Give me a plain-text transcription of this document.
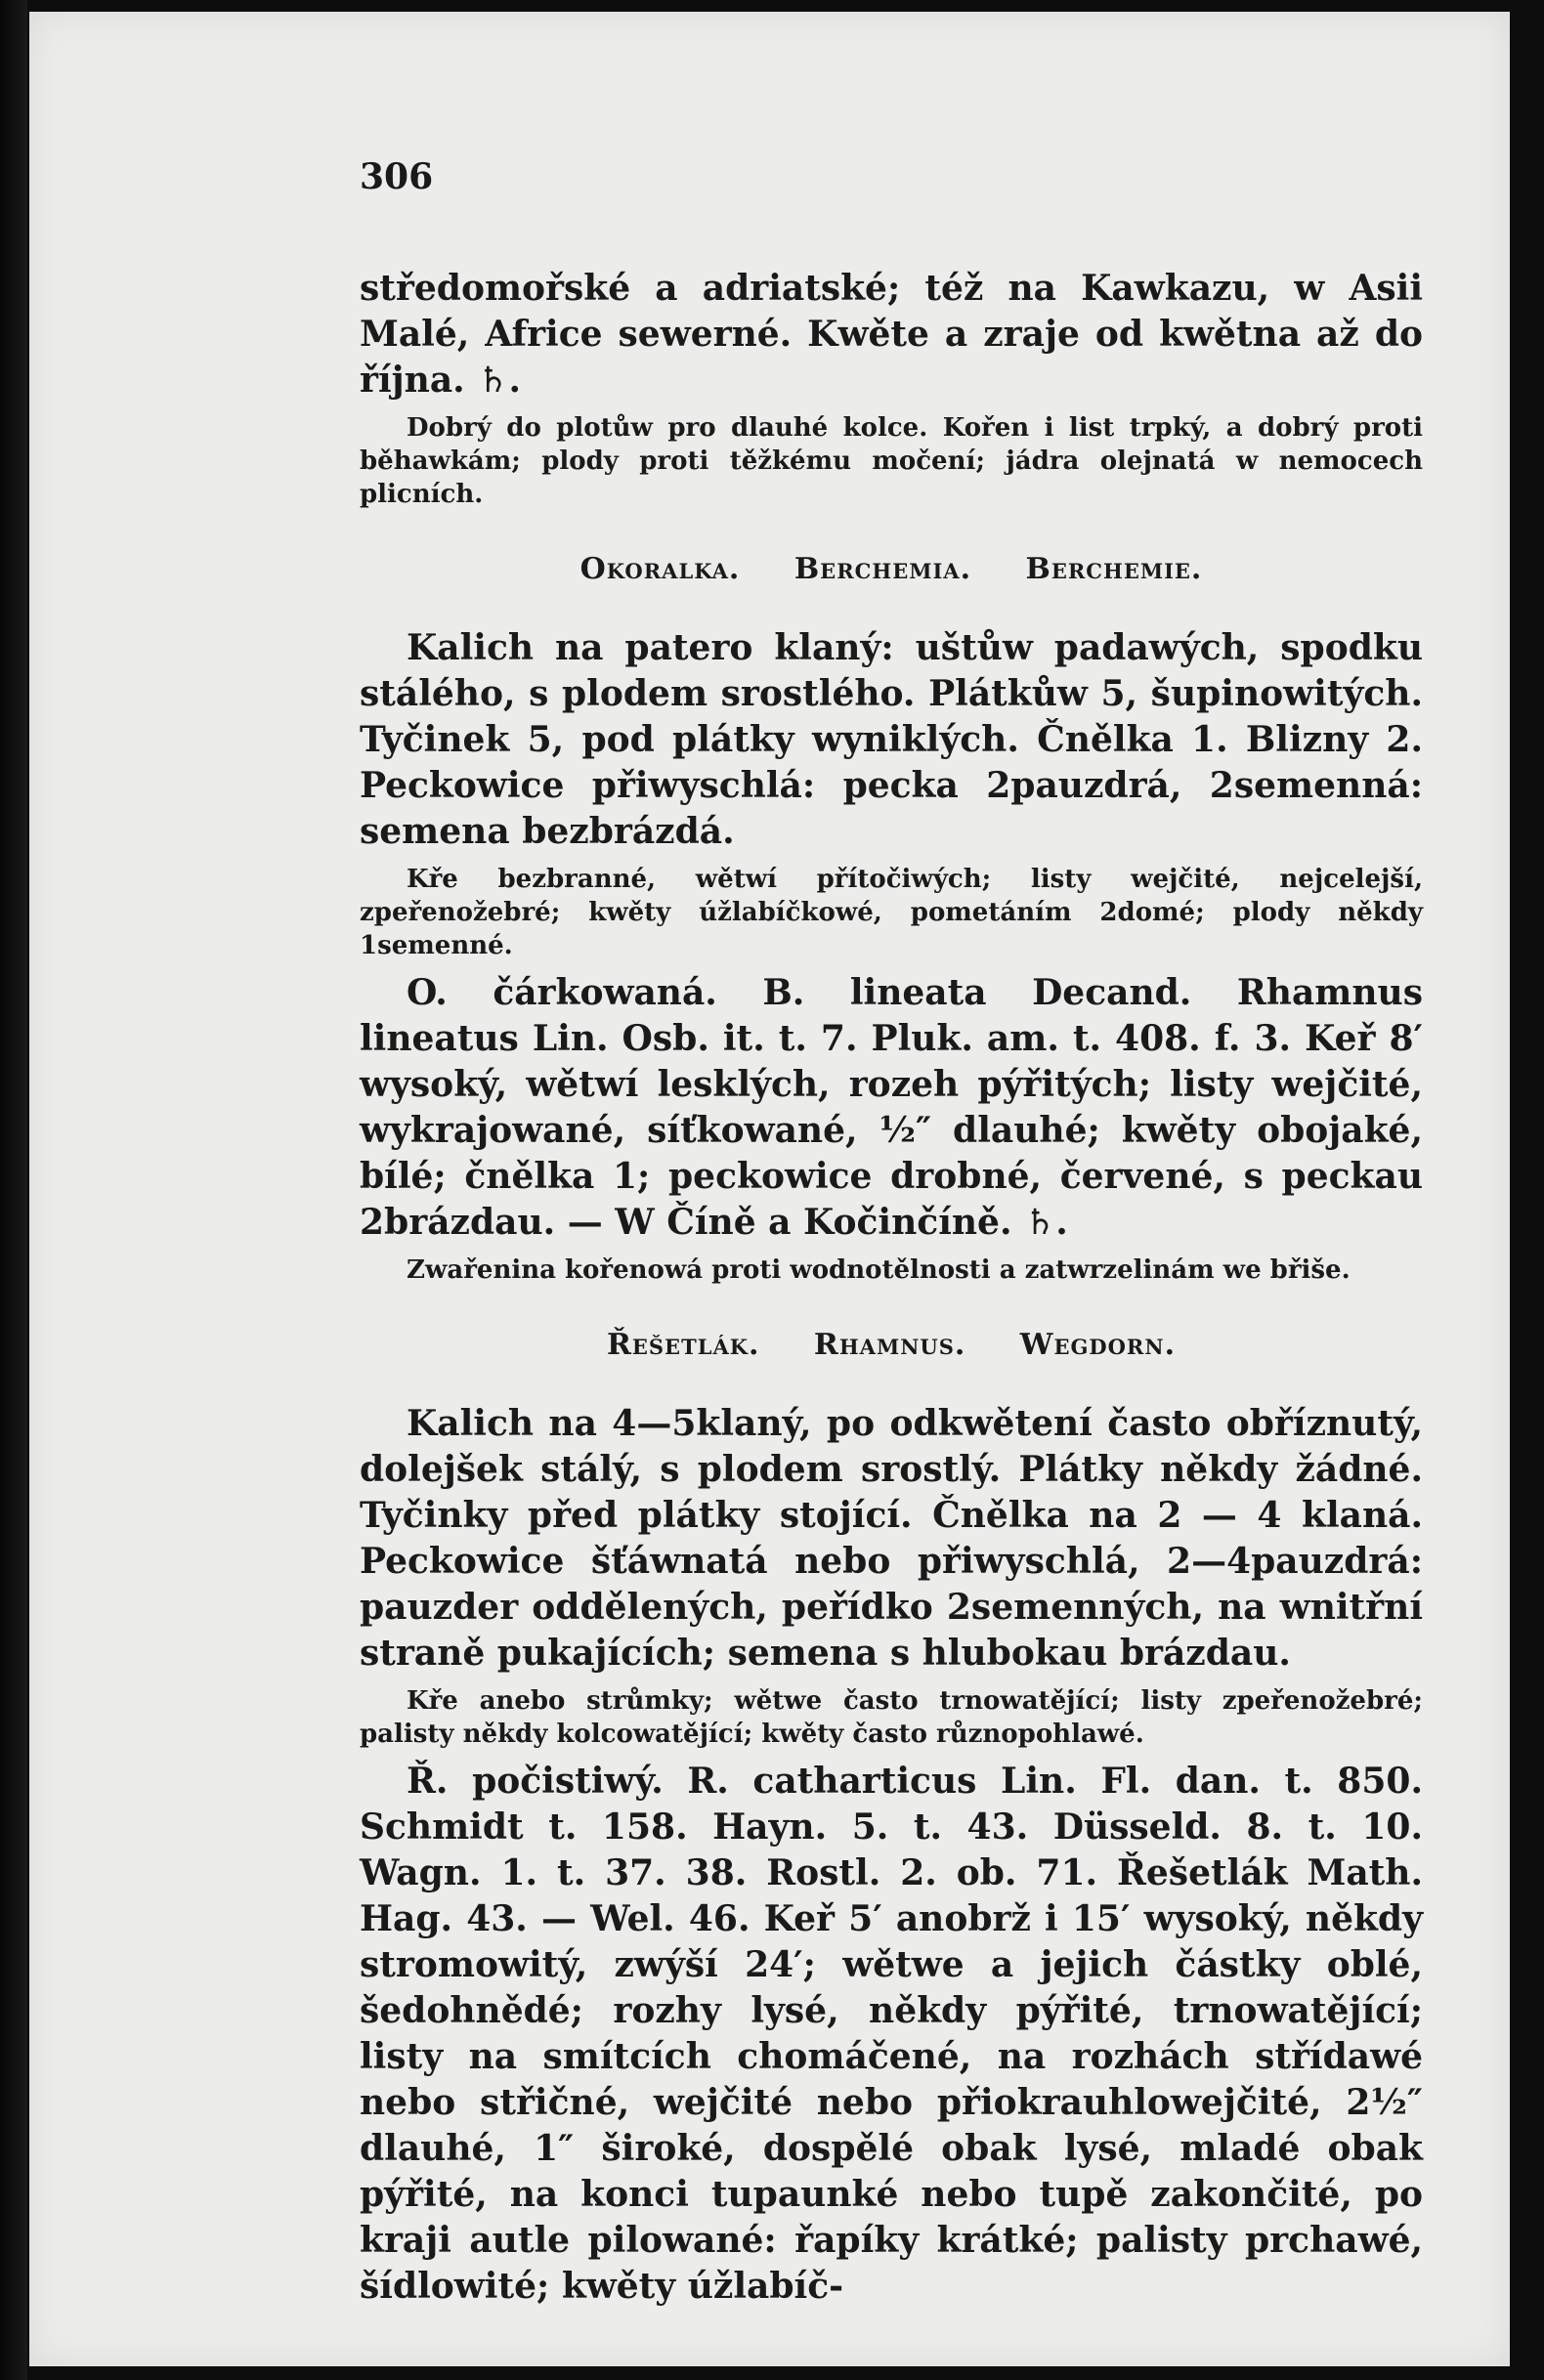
306

středomořské a adriatské; též na Kawkazu, w Asii Malé, Africe sewerné. Kwěte a zraje od kwětna až do října. ♄.

Dobrý do plotůw pro dlauhé kolce. Kořen i list trpký, a dobrý proti běhawkám; plody proti těžkému močení; jádra olejnatá w nemocech plicních.

Okoralka. Berchemia. Berchemie.

Kalich na patero klaný: uštůw padawých, spodku stálého, s plodem srostlého. Plátkůw 5, šupinowitých. Tyčinek 5, pod plátky wyniklých. Čnělka 1. Blizny 2. Peckowice přiwyschlá: pecka 2pauzdrá, 2semenná: semena bezbrázdá.

Kře bezbranné, wětwí přítočiwých; listy wejčité, nejcelejší, zpeřenožebré; kwěty úžlabíčkowé, pometáním 2domé; plody někdy 1semenné.

O. čárkowaná. B. lineata Decand. Rhamnus lineatus Lin. Osb. it. t. 7. Pluk. am. t. 408. f. 3. Keř 8′ wysoký, wětwí lesklých, rozeh pýřitých; listy wejčité, wykrajowané, síťkowané, ½″ dlauhé; kwěty obojaké, bílé; čnělka 1; peckowice drobné, červené, s peckau 2brázdau. — W Číně a Kočinčíně. ♄.

Zwařenina kořenowá proti wodnotělnosti a zatwrzelinám we břiše.

Řešetlák. Rhamnus. Wegdorn.

Kalich na 4—5klaný, po odkwětení často obříznutý, dolejšek stálý, s plodem srostlý. Plátky někdy žádné. Tyčinky před plátky stojící. Čnělka na 2 — 4 klaná. Peckowice šťáwnatá nebo přiwyschlá, 2—4pauzdrá: pauzder oddělených, peřídko 2semenných, na wnitřní straně pukajících; semena s hlubokau brázdau.

Kře anebo strůmky; wětwe často trnowatějící; listy zpeřenožebré; palisty někdy kolcowatějící; kwěty často různopohlawé.

Ř. počistiwý. R. catharticus Lin. Fl. dan. t. 850. Schmidt t. 158. Hayn. 5. t. 43. Düsseld. 8. t. 10. Wagn. 1. t. 37. 38. Rostl. 2. ob. 71. Řešetlák Math. Hag. 43. — Wel. 46. Keř 5′ anobrž i 15′ wysoký, někdy stromowitý, zwýší 24′; wětwe a jejich částky oblé, šedohnědé; rozhy lysé, někdy pýřité, trnowatějící; listy na smítcích chomáčené, na rozhách střídawé nebo střičné, wejčité nebo přiokrauhlowejčité, 2½″ dlauhé, 1″ široké, dospělé obak lysé, mladé obak pýřité, na konci tupaunké nebo tupě zakončité, po kraji autle pilowané: řapíky krátké; palisty prchawé, šídlowité; kwěty úžlabíč-
